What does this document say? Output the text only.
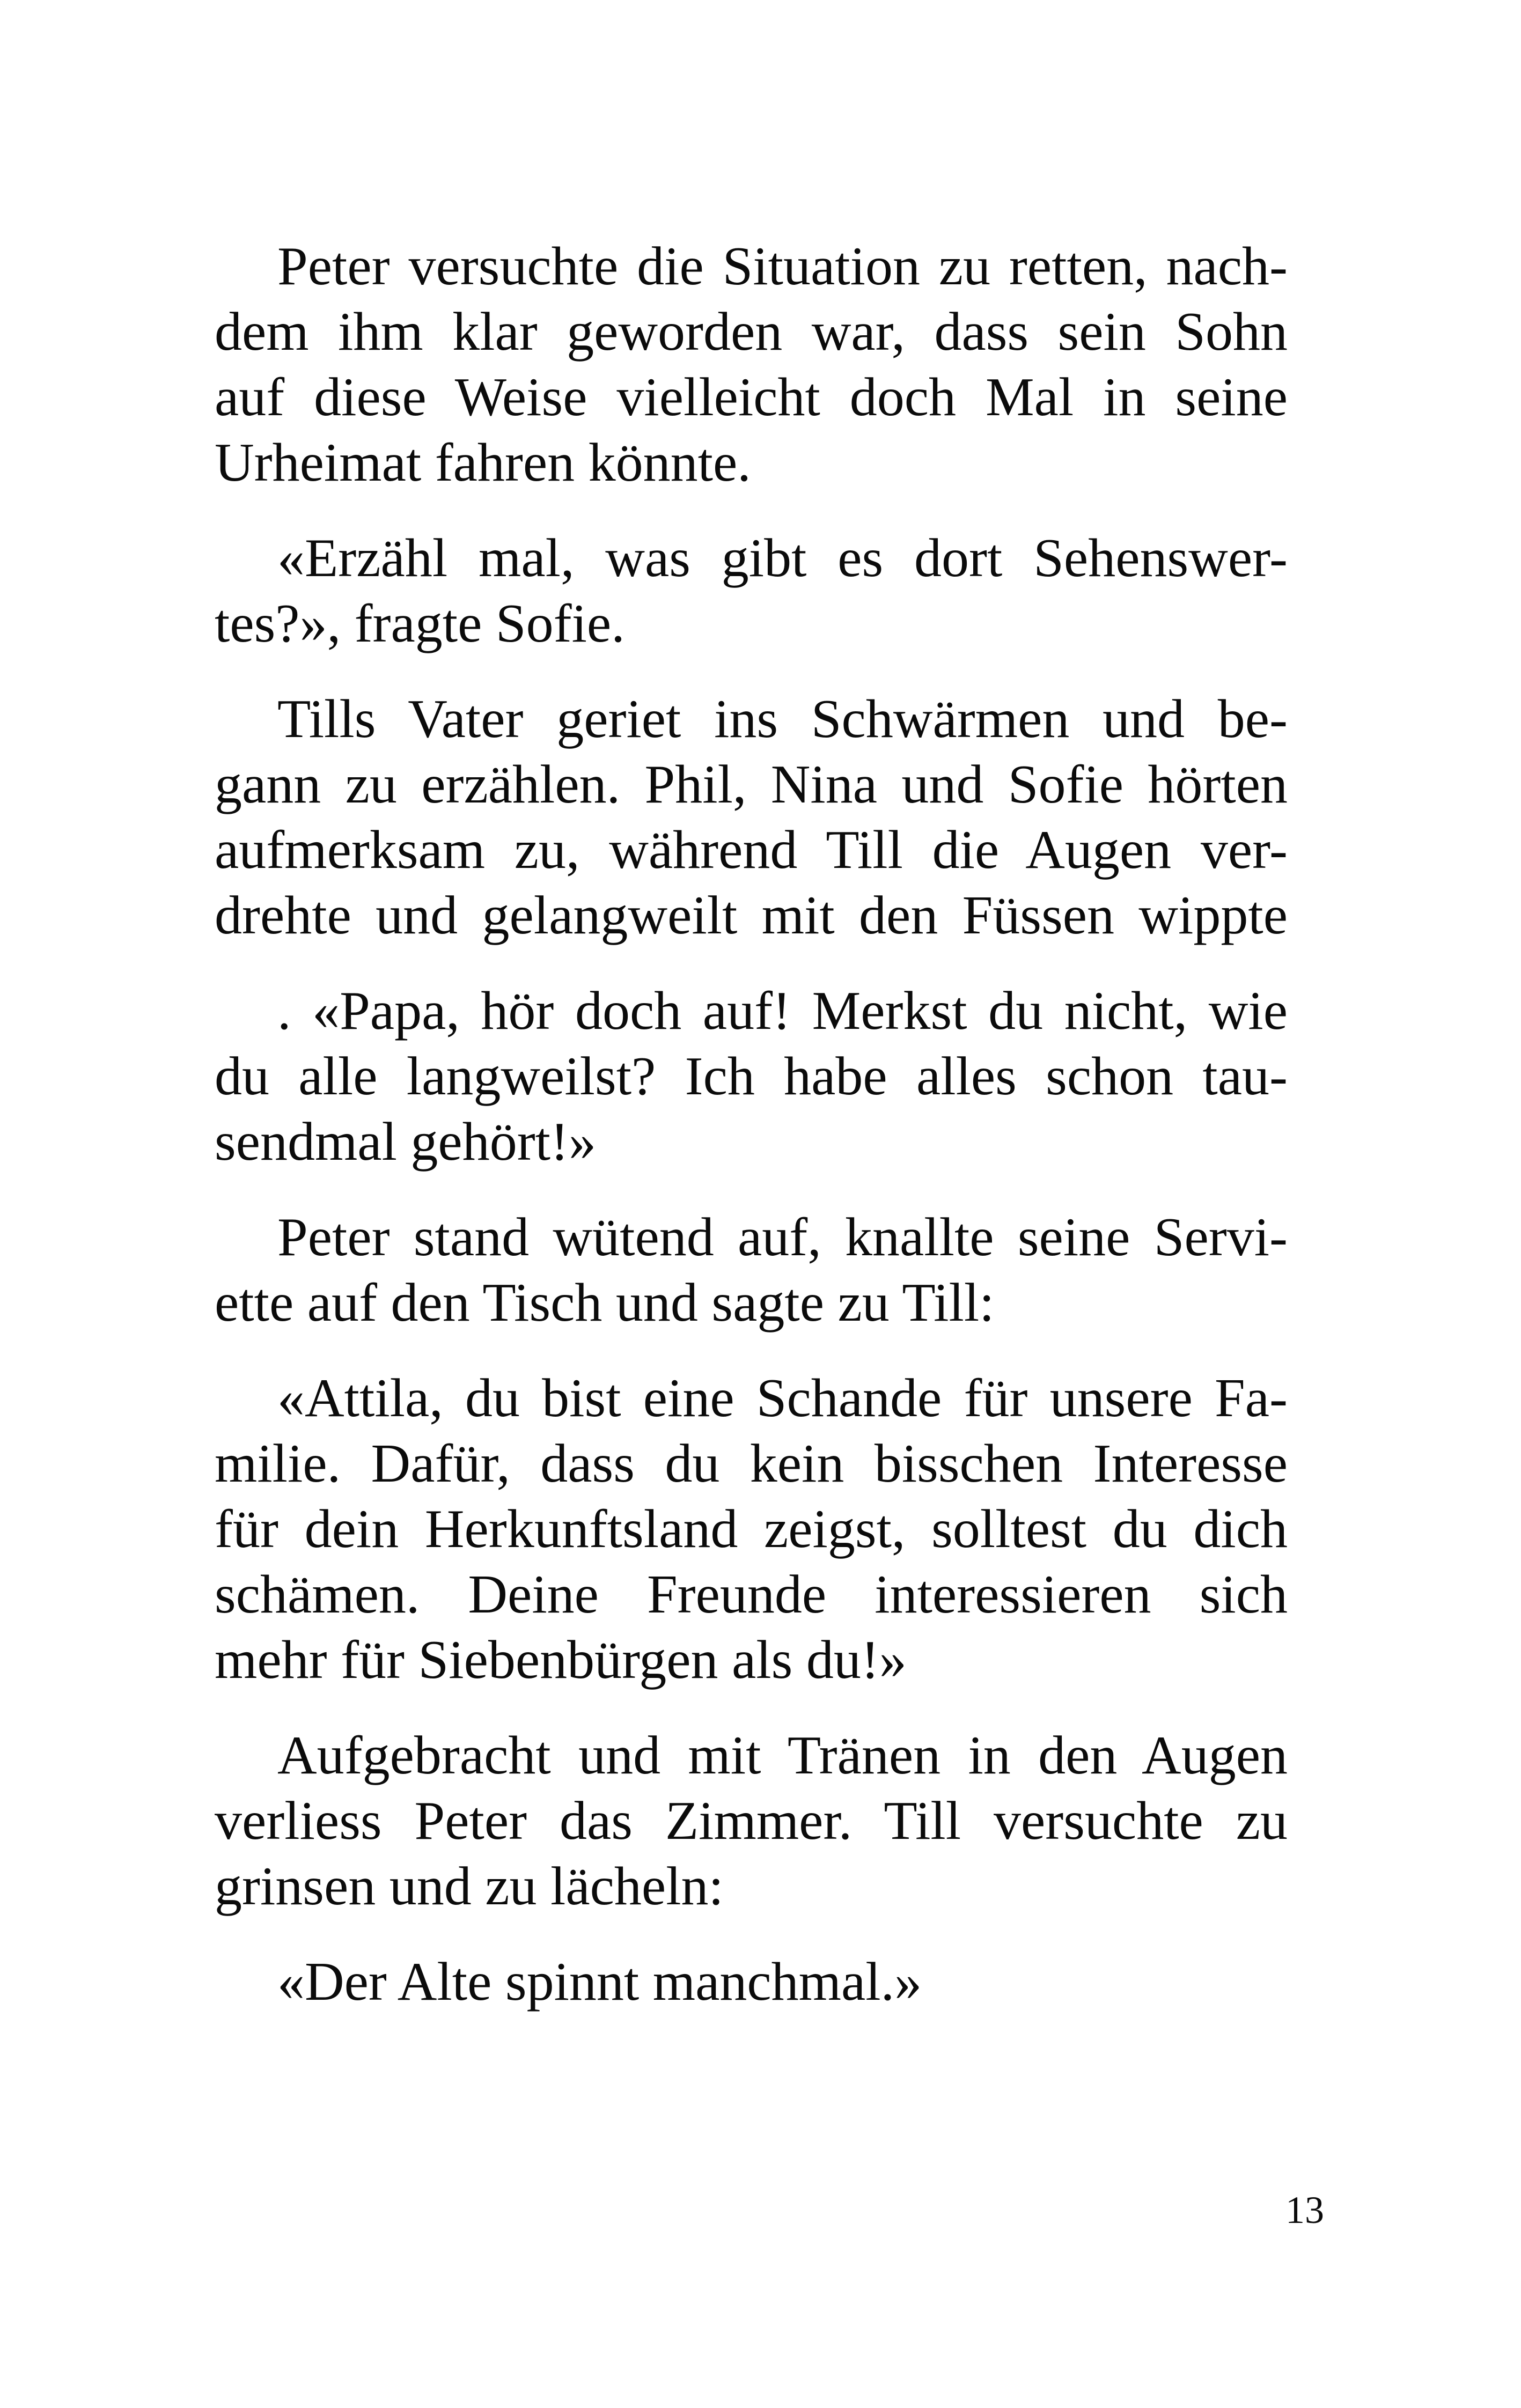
Peter versuchte die Situation zu retten, nach-
dem ihm klar geworden war, dass sein Sohn
auf diese Weise vielleicht doch Mal in seine
Urheimat fahren könnte.

«Erzähl mal, was gibt es dort Sehenswer-
tes?», fragte Sofie.

Tills Vater geriet ins Schwärmen und be-
gann zu erzählen. Phil, Nina und Sofie hörten
aufmerksam zu, während Till die Augen ver-
drehte und gelangweilt mit den Füssen wippte

. «Papa, hör doch auf! Merkst du nicht, wie
du alle langweilst? Ich habe alles schon tau-
sendmal gehört!»

Peter stand wütend auf, knallte seine Servi-
ette auf den Tisch und sagte zu Till:

«Attila, du bist eine Schande für unsere Fa-
milie. Dafür, dass du kein bisschen Interesse
für dein Herkunftsland zeigst, solltest du dich
schämen. Deine Freunde interessieren sich
mehr für Siebenbürgen als du!»

Aufgebracht und mit Tränen in den Augen
verliess Peter das Zimmer. Till versuchte zu
grinsen und zu lächeln:

«Der Alte spinnt manchmal.»

13
